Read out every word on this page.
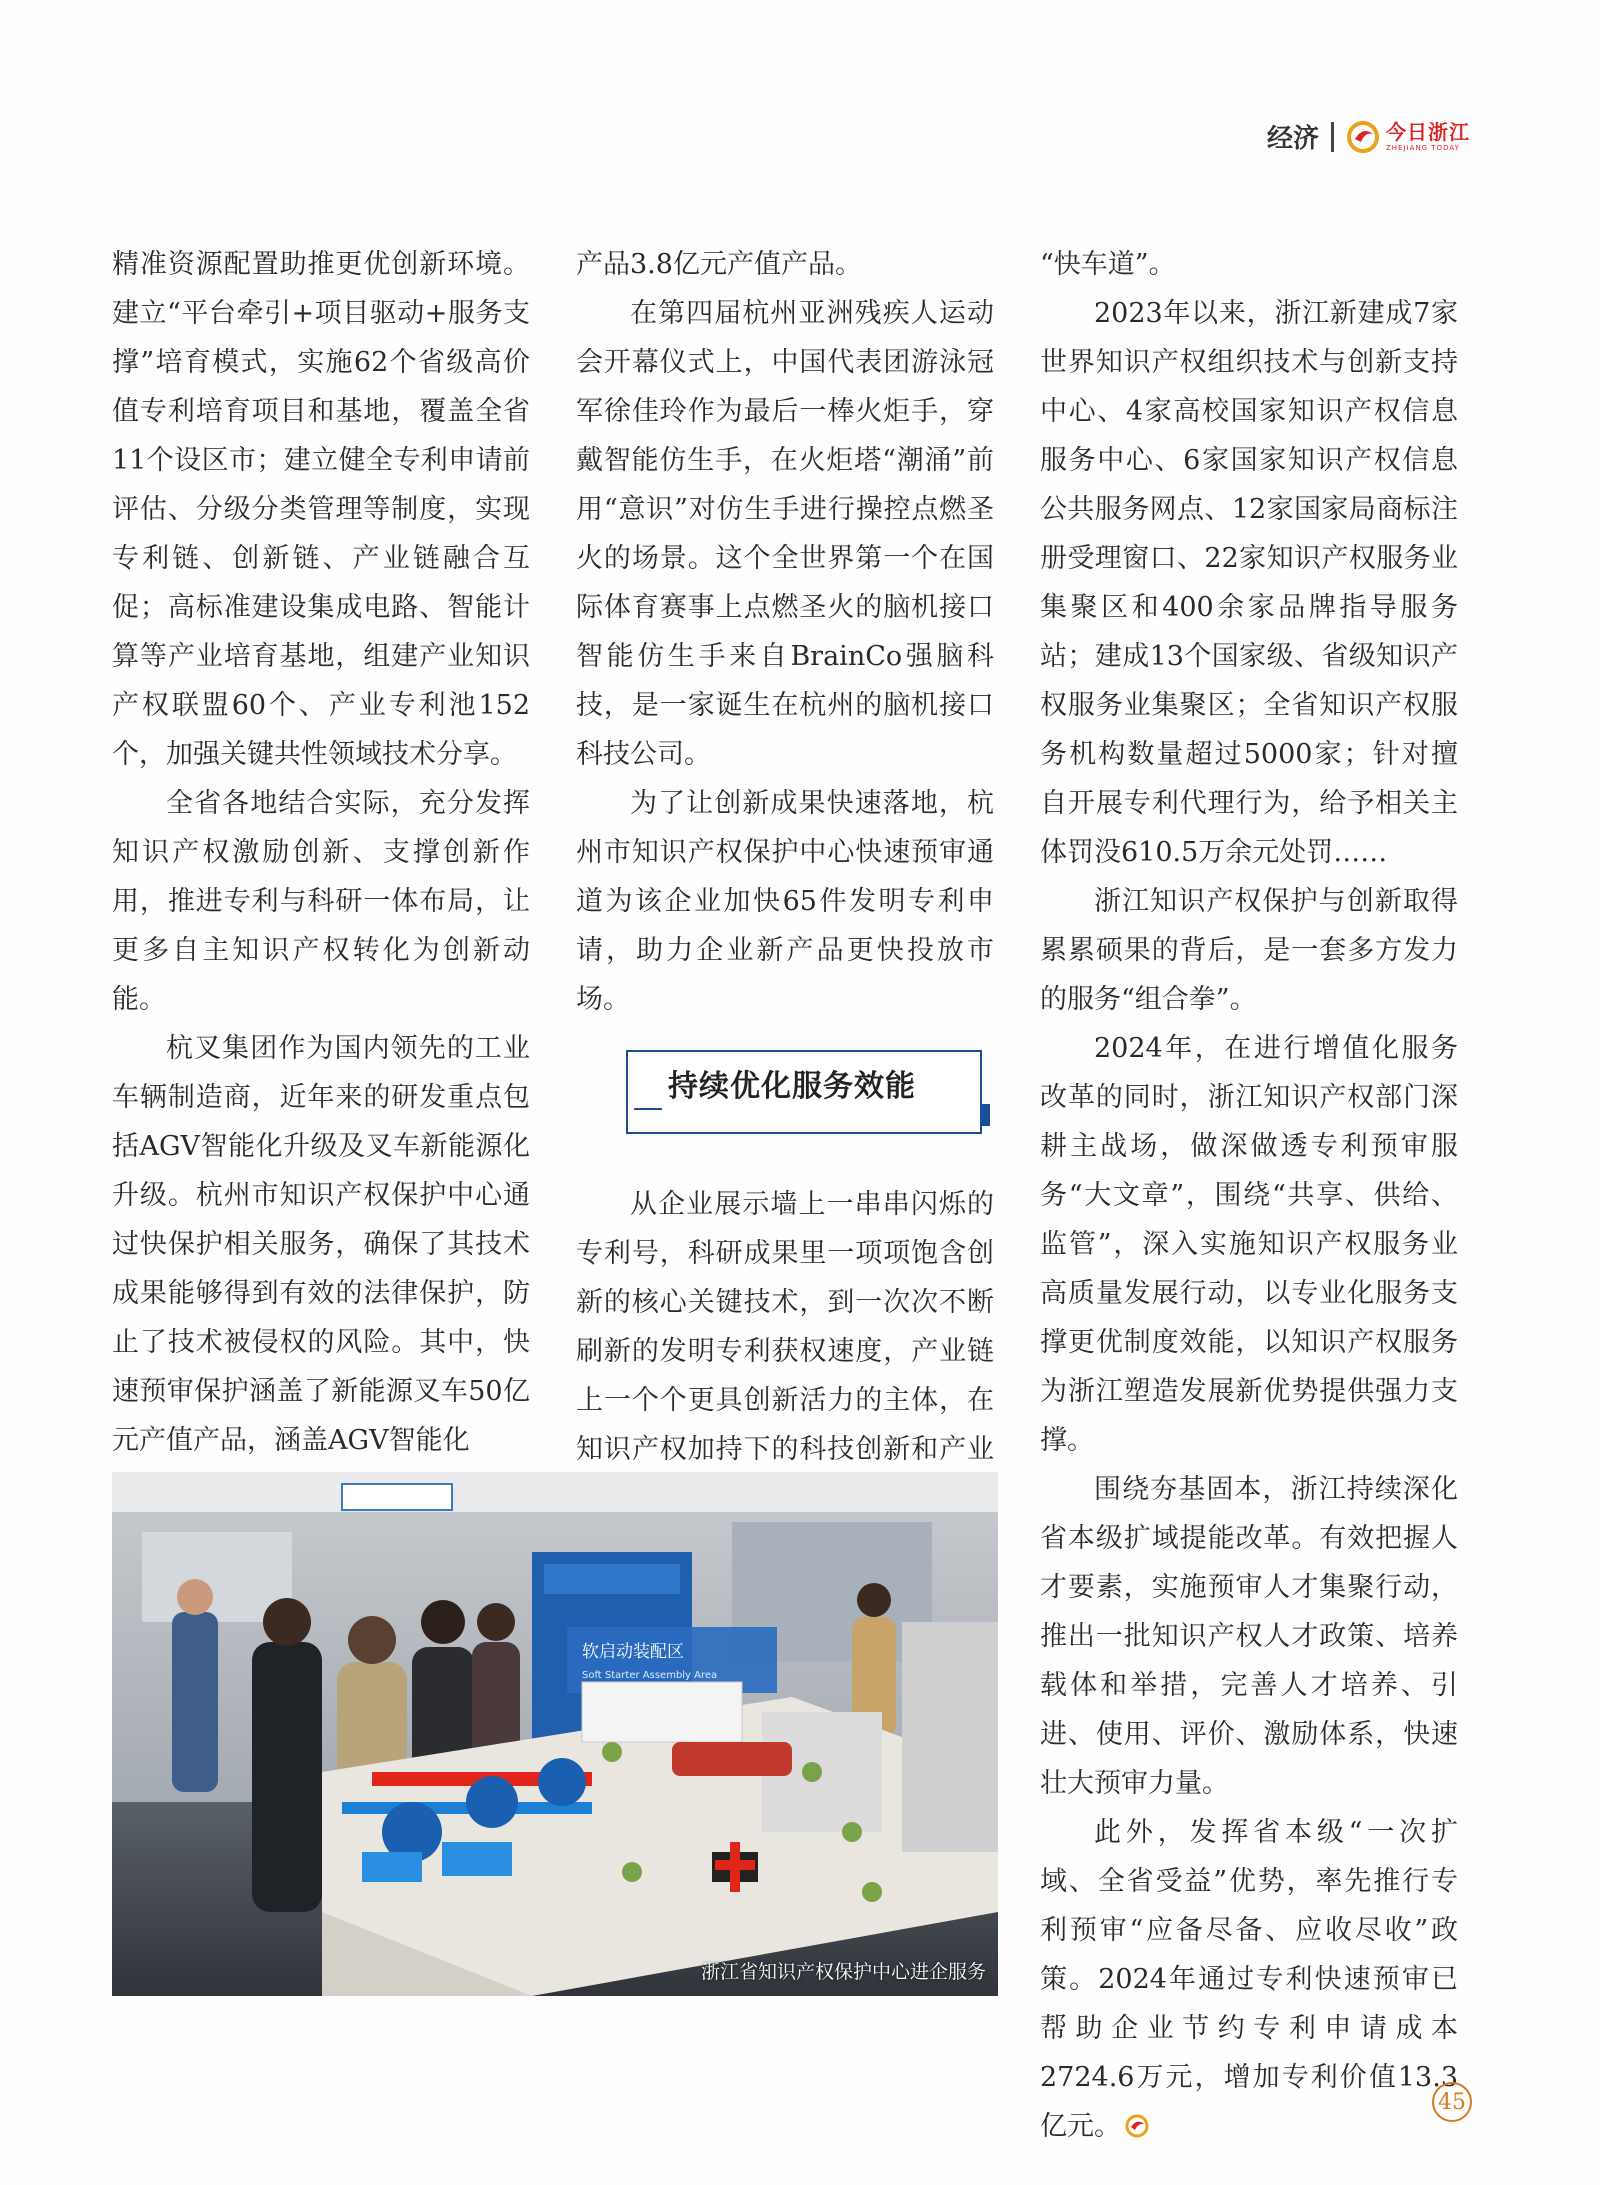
经济	今日浙江
ZHEJIANG TODAY

精准资源配置助推更优创新环境。建立“平台牵引+项目驱动+服务支撑”培育模式，实施62个省级高价值专利培育项目和基地，覆盖全省11个设区市；建立健全专利申请前评估、分级分类管理等制度，实现专利链、创新链、产业链融合互促；高标准建设集成电路、智能计算等产业培育基地，组建产业知识产权联盟60个、产业专利池152个，加强关键共性领域技术分享。

全省各地结合实际，充分发挥知识产权激励创新、支撑创新作用，推进专利与科研一体布局，让更多自主知识产权转化为创新动能。

杭叉集团作为国内领先的工业车辆制造商，近年来的研发重点包括AGV智能化升级及叉车新能源化升级。杭州市知识产权保护中心通过快保护相关服务，确保了其技术成果能够得到有效的法律保护，防止了技术被侵权的风险。其中，快速预审保护涵盖了新能源叉车50亿元产值产品，涵盖AGV智能化

产品3.8亿元产值产品。

在第四届杭州亚洲残疾人运动会开幕仪式上，中国代表团游泳冠军徐佳玲作为最后一棒火炬手，穿戴智能仿生手，在火炬塔“潮涌”前用“意识”对仿生手进行操控点燃圣火的场景。这个全世界第一个在国际体育赛事上点燃圣火的脑机接口智能仿生手来自BrainCo强脑科技，是一家诞生在杭州的脑机接口科技公司。

为了让创新成果快速落地，杭州市知识产权保护中心快速预审通道为该企业加快65件发明专利申请，助力企业新产品更快投放市场。

持续优化服务效能

从企业展示墙上一串串闪烁的专利号，科研成果里一项项饱含创新的核心关键技术，到一次次不断刷新的发明专利获权速度，产业链上一个个更具创新活力的主体，在知识产权加持下的科技创新和产业

“快车道”。

2023年以来，浙江新建成7家世界知识产权组织技术与创新支持中心、4家高校国家知识产权信息服务中心、6家国家知识产权信息公共服务网点、12家国家局商标注册受理窗口、22家知识产权服务业集聚区和400余家品牌指导服务站；建成13个国家级、省级知识产权服务业集聚区；全省知识产权服务机构数量超过5000家；针对擅自开展专利代理行为，给予相关主体罚没610.5万余元处罚……

浙江知识产权保护与创新取得累累硕果的背后，是一套多方发力的服务“组合拳”。

2024年，在进行增值化服务改革的同时，浙江知识产权部门深耕主战场，做深做透专利预审服务“大文章”，围绕“共享、供给、监管”，深入实施知识产权服务业高质量发展行动，以专业化服务支撑更优制度效能，以知识产权服务为浙江塑造发展新优势提供强力支撑。

围绕夯基固本，浙江持续深化省本级扩域提能改革。有效把握人才要素，实施预审人才集聚行动，推出一批知识产权人才政策、培养载体和举措，完善人才培养、引进、使用、评价、激励体系，快速壮大预审力量。

此外，发挥省本级“一次扩域、全省受益”优势，率先推行专利预审“应备尽备、应收尽收”政策。2024年通过专利快速预审已帮助企业节约专利申请成本2724.6万元，增加专利价值13.3亿元。

软启动装配区
Soft Starter Assembly Area
浙江省知识产权保护中心进企服务
45
